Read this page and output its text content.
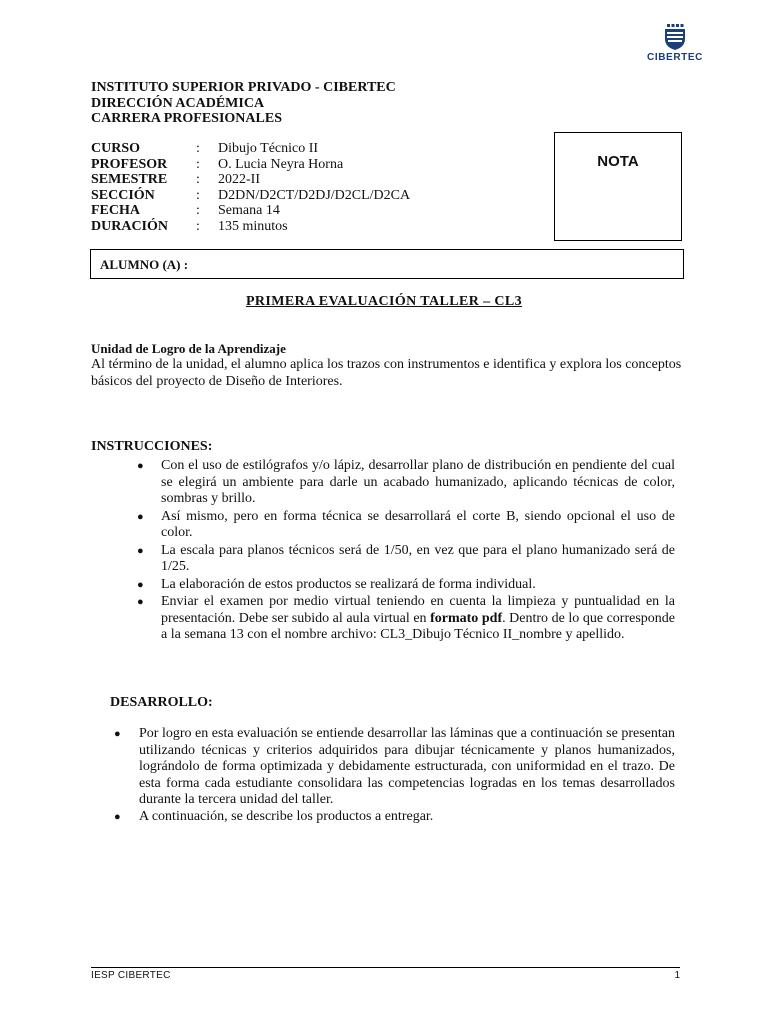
CIBERTEC
INSTITUTO SUPERIOR PRIVADO - CIBERTEC
DIRECCIÓN ACADÉMICA
CARRERA PROFESIONALES
CURSO	: Dibujo Técnico II
PROFESOR : O. Lucia Neyra Horna
SEMESTRE : 2022-II
SECCIÓN	: D2DN/D2CT/D2DJ/D2CL/D2CA
FECHA	: Semana 14
DURACIÓN : 135 minutos
NOTA
ALUMNO (A) :
PRIMERA EVALUACIÓN TALLER – CL3
Unidad de Logro de la Aprendizaje
Al término de la unidad, el alumno aplica los trazos con instrumentos e identifica y explora los conceptos básicos del proyecto de Diseño de Interiores.
INSTRUCCIONES:
● Con el uso de estilógrafos y/o lápiz, desarrollar plano de distribución en pendiente del cual se elegirá un ambiente para darle un acabado humanizado, aplicando técnicas de color, sombras y brillo.
● Así mismo, pero en forma técnica se desarrollará el corte B, siendo opcional el uso de color.
● La escala para planos técnicos será de 1/50, en vez que para el plano humanizado será de 1/25.
● La elaboración de estos productos se realizará de forma individual.
● Enviar el examen por medio virtual teniendo en cuenta la limpieza y puntualidad en la presentación. Debe ser subido al aula virtual en formato pdf. Dentro de lo que corresponde a la semana 13 con el nombre archivo: CL3_Dibujo Técnico II_nombre y apellido.
DESARROLLO:
● Por logro en esta evaluación se entiende desarrollar las láminas que a continuación se presentan utilizando técnicas y criterios adquiridos para dibujar técnicamente y planos humanizados, lográndolo de forma optimizada y debidamente estructurada, con uniformidad en el trazo. De esta forma cada estudiante consolidara las competencias logradas en los temas desarrollados durante la tercera unidad del taller.
● A continuación, se describe los productos a entregar.
IESP CIBERTEC	1
